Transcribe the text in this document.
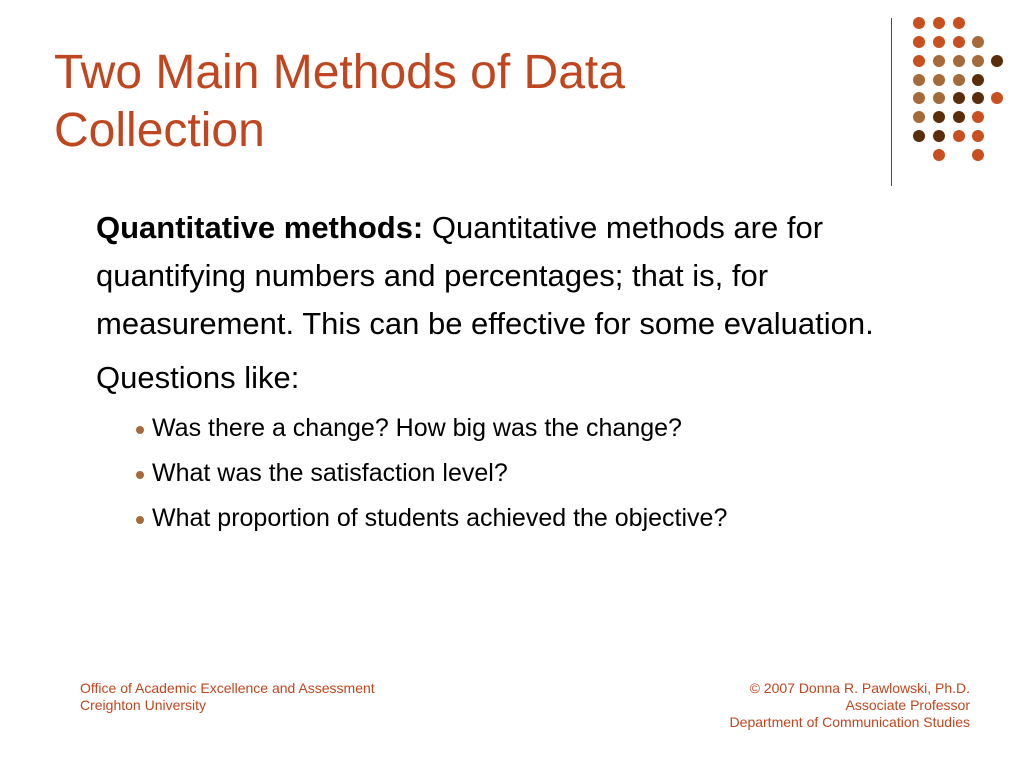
Two Main Methods of Data
Collection

Quantitative methods: Quantitative methods are for quantifying numbers and percentages; that is, for measurement. This can be effective for some evaluation.

Questions like:

Was there a change? How big was the change?
What was the satisfaction level?
What proportion of students achieved the objective?
Office of Academic Excellence and Assessment
Creighton University
© 2007 Donna R. Pawlowski, Ph.D.
Associate Professor
Department of Communication Studies
